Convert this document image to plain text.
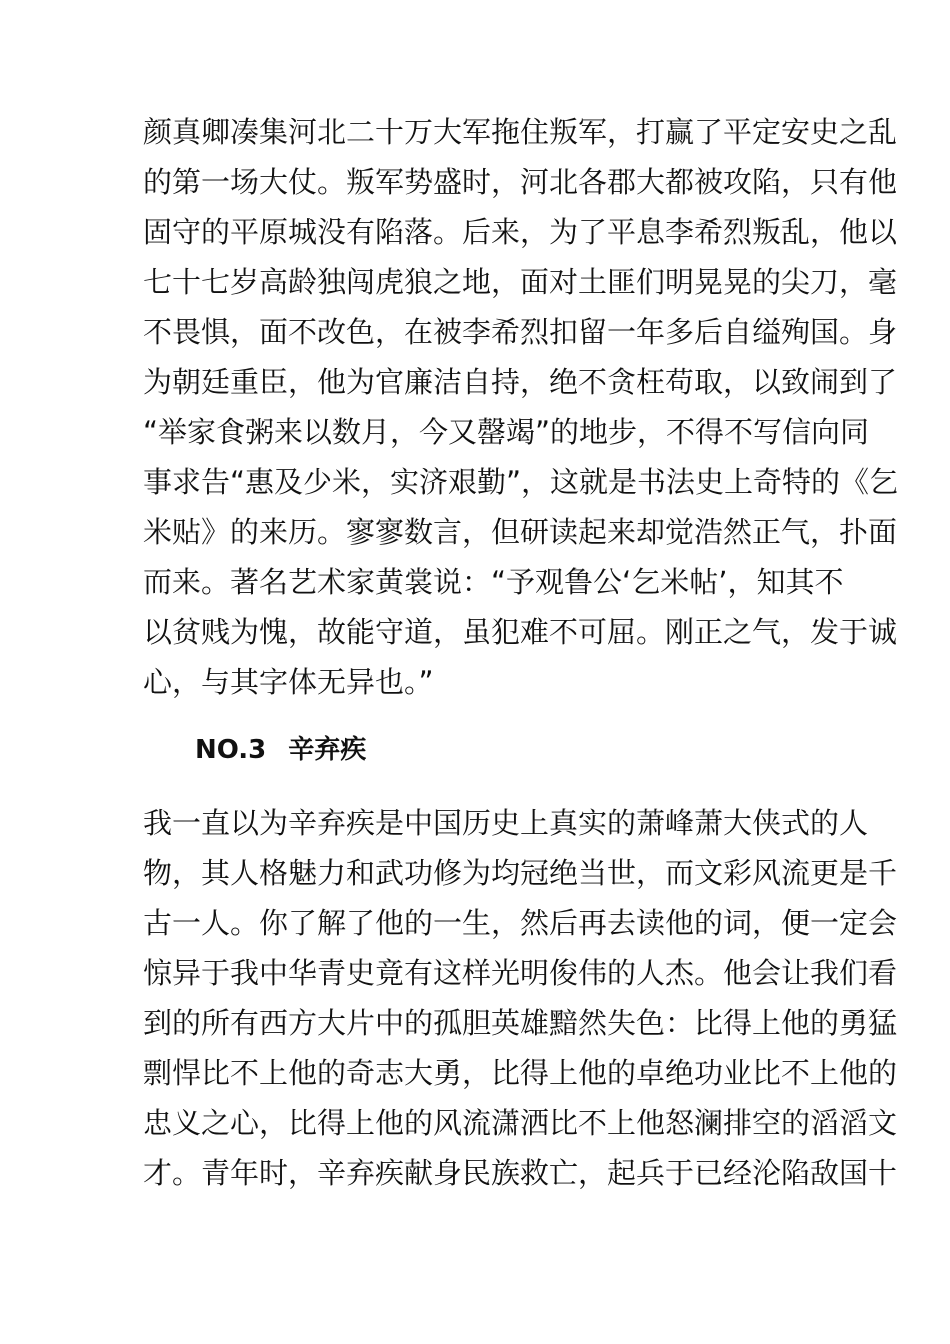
颜真卿凑集河北二十万大军拖住叛军，打赢了平定安史之乱
的第一场大仗。叛军势盛时，河北各郡大都被攻陷，只有他
固守的平原城没有陷落。后来，为了平息李希烈叛乱，他以
七十七岁高龄独闯虎狼之地，面对土匪们明晃晃的尖刀，毫
不畏惧，面不改色，在被李希烈扣留一年多后自缢殉国。身
为朝廷重臣，他为官廉洁自持，绝不贪枉苟取，以致闹到了
“举家食粥来以数月，今又罄竭”的地步，不得不写信向同
事求告“惠及少米，实济艰勤”，这就是书法史上奇特的《乞
米贴》的来历。寥寥数言，但研读起来却觉浩然正气，扑面
而来。著名艺术家黄裳说：“予观鲁公‘乞米帖’，知其不
以贫贱为愧，故能守道，虽犯难不可屈。刚正之气，发于诚
心，与其字体无异也。”
NO.3 辛弃疾
我一直以为辛弃疾是中国历史上真实的萧峰萧大侠式的人
物，其人格魅力和武功修为均冠绝当世，而文彩风流更是千
古一人。你了解了他的一生，然后再去读他的词，便一定会
惊异于我中华青史竟有这样光明俊伟的人杰。他会让我们看
到的所有西方大片中的孤胆英雄黯然失色：比得上他的勇猛
剽悍比不上他的奇志大勇，比得上他的卓绝功业比不上他的
忠义之心，比得上他的风流潇洒比不上他怒澜排空的滔滔文
才。青年时，辛弃疾献身民族救亡，起兵于已经沦陷敌国十
